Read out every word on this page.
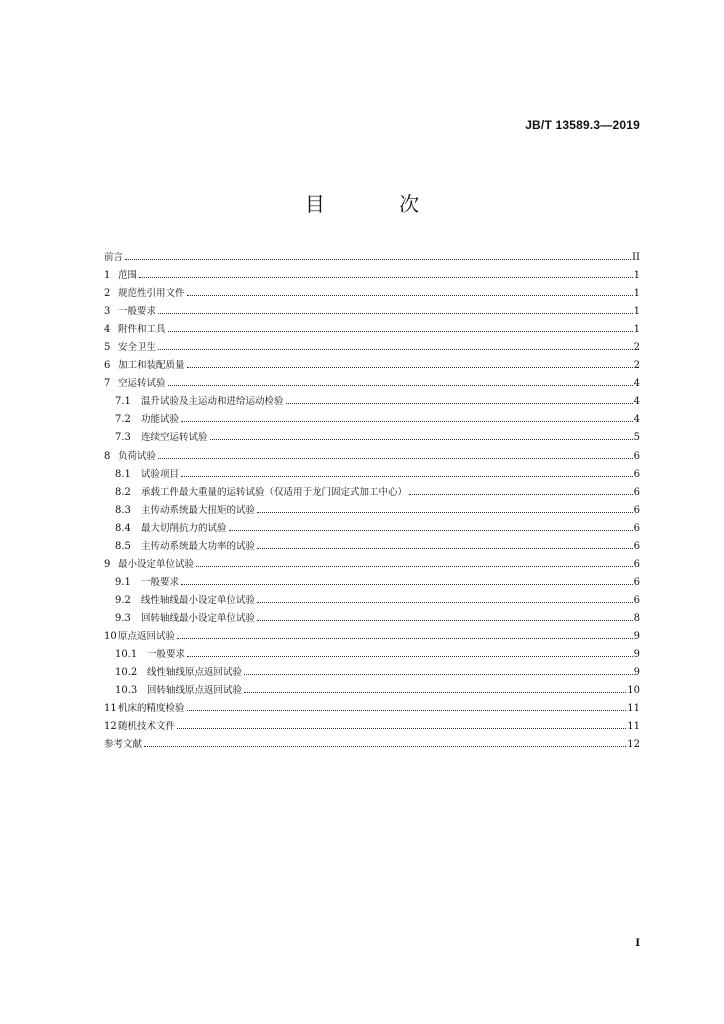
JB/T 13589.3—2019
目 次
前言	II
1 范围	1
2 规范性引用文件	1
3 一般要求	1
4 附件和工具	1
5 安全卫生	2
6 加工和装配质量	2
7 空运转试验	4
7.1	温升试验及主运动和进给运动检验	4
7.2	功能试验	4
7.3	连续空运转试验	5
8 负荷试验	6
8.1	试验项目	6
8.2	承载工件最大重量的运转试验（仅适用于龙门固定式加工中心）	6
8.3	主传动系统最大扭矩的试验	6
8.4	最大切削抗力的试验	6
8.5	主传动系统最大功率的试验	6
9 最小设定单位试验	6
9.1	一般要求	6
9.2	线性轴线最小设定单位试验	6
9.3	回转轴线最小设定单位试验	8
10 原点返回试验	9
10.1	一般要求	9
10.2	线性轴线原点返回试验	9
10.3	回转轴线原点返回试验	10
11 机床的精度检验	11
12 随机技术文件	11
参考文献	12
I
